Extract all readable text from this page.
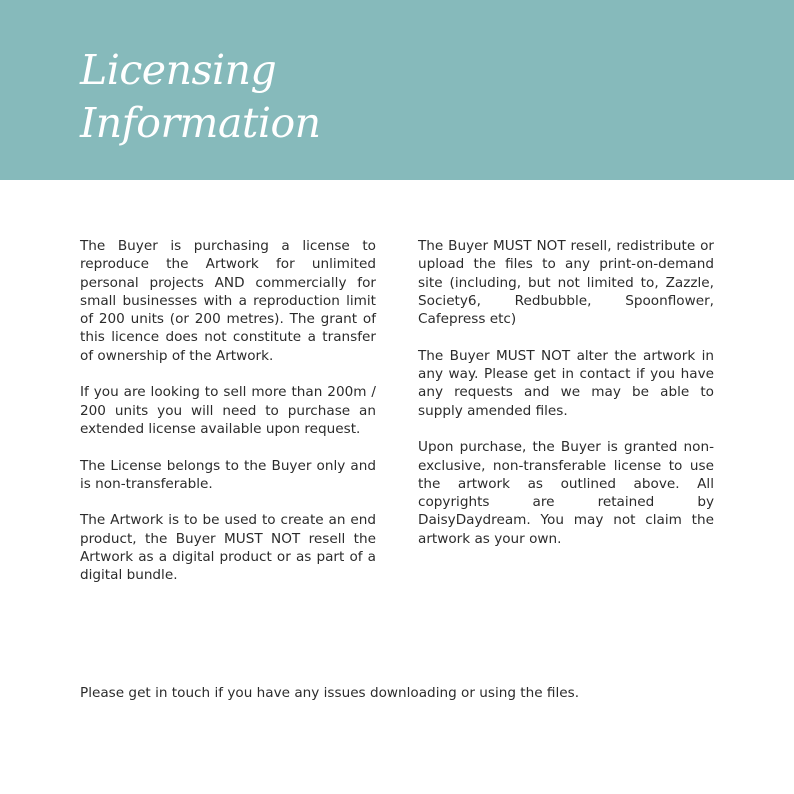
Licensing
Information

The Buyer is purchasing a license to reproduce the Artwork for unlimited personal projects AND commercially for small businesses with a reproduction limit of 200 units (or 200 metres). The grant of this licence does not constitute a transfer of ownership of the Artwork.

If you are looking to sell more than 200m / 200 units you will need to purchase an extended license available upon request.

The License belongs to the Buyer only and is non-transferable.

The Artwork is to be used to create an end product, the Buyer MUST NOT resell the Artwork as a digital product or as part of a digital bundle.

The Buyer MUST NOT resell, redistribute or upload the files to any print-on-demand site (including, but not limited to, Zazzle, Society6, Redbubble, Spoonflower, Cafepress etc)

The Buyer MUST NOT alter the artwork in any way. Please get in contact if you have any requests and we may be able to supply amended files.

Upon purchase, the Buyer is granted non-exclusive, non-transferable license to use the artwork as outlined above. All copyrights are retained by DaisyDaydream. You may not claim the artwork as your own.

Please get in touch if you have any issues downloading or using the files.
